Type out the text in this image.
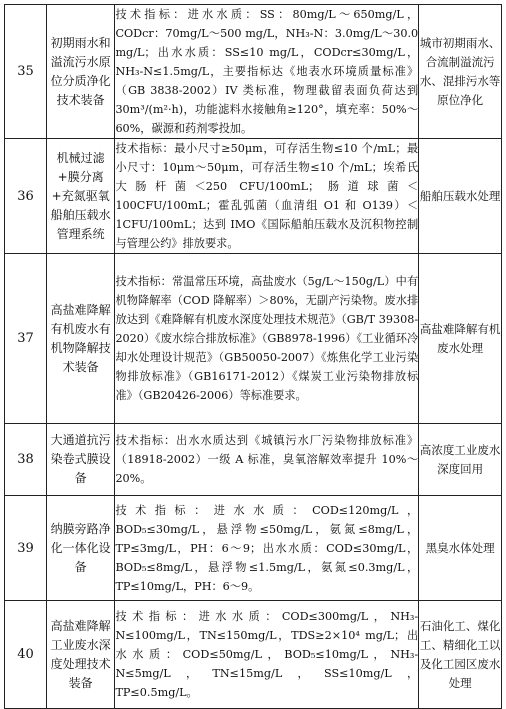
35	初期雨水和溢流污水原位分质净化技术装备	技术指标：进水水质：SS：80mg/L～650mg/L，CODcr：70mg/L～500 mg/L，NH₃-N：3.0mg/L～30.0 mg/L；出水水质：SS≤10 mg/L，CODcr≤30mg/L，NH₃-N≤1.5mg/L，主要指标达《地表水环境质量标准》（GB 3838-2002）IV 类标准，物理截留表面负荷达到 30m³/(m²·h)，功能滤料水接触角≥120°，填充率：50%～60%，碳源和药剂零投加。	城市初期雨水、合流制溢流污水、混排污水等原位净化
36	机械过滤+膜分离+充氮驱氧船舶压载水管理系统	技术指标：最小尺寸≥50μm，可存活生物≤10 个/mL；最小尺寸：10μm～50μm，可存活生物≤10 个/mL；埃希氏大肠杆菌＜250 CFU/100mL；肠道球菌＜100CFU/100mL；霍乱弧菌（血清组 O1 和 O139）＜1CFU/100mL；达到 IMO《国际船舶压载水及沉积物控制与管理公约》排放要求。	船舶压载水处理
37	高盐难降解有机废水有机物降解技术装备	技术指标：常温常压环境，高盐废水（5g/L～150g/L）中有机物降解率（COD 降解率）＞80%，无副产污染物。废水排放达到《难降解有机废水深度处理技术规范》（GB/T 39308-2020）《废水综合排放标准》（GB8978-1996）《工业循环冷却水处理设计规范》（GB50050-2007）《炼焦化学工业污染物排放标准》（GB16171-2012）《煤炭工业污染物排放标准》（GB20426-2006）等标准要求。	高盐难降解有机废水处理
38	大通道抗污染卷式膜设备	技术指标：出水水质达到《城镇污水厂污染物排放标准》（18918-2002）一级 A 标准，臭氧溶解效率提升 10%～20%。	高浓度工业废水深度回用
39	纳膜旁路净化一体化设备	技术指标：进水水质：COD≤120mg/L，BOD₅≤30mg/L，悬浮物≤50mg/L，氨氮≤8mg/L，TP≤3mg/L，PH：6～9；出水水质：COD≤30mg/L，BOD₅≤8mg/L，悬浮物≤1.5mg/L，氨氮≤0.3mg/L，TP≤10mg/L，PH：6～9。	黑臭水体处理
40	高盐难降解工业废水深度处理技术装备	技术指标：进水水质：COD≤300mg/L，NH₃-N≤100mg/L，TN≤150mg/L，TDS≥2×10⁴ mg/L；出水水质：COD≤50mg/L，BOD₅≤10mg/L，NH₃-N≤5mg/L，TN≤15mg/L，SS≤10mg/L，TP≤0.5mg/L。	石油化工、煤化工、精细化工以及化工园区废水处理
